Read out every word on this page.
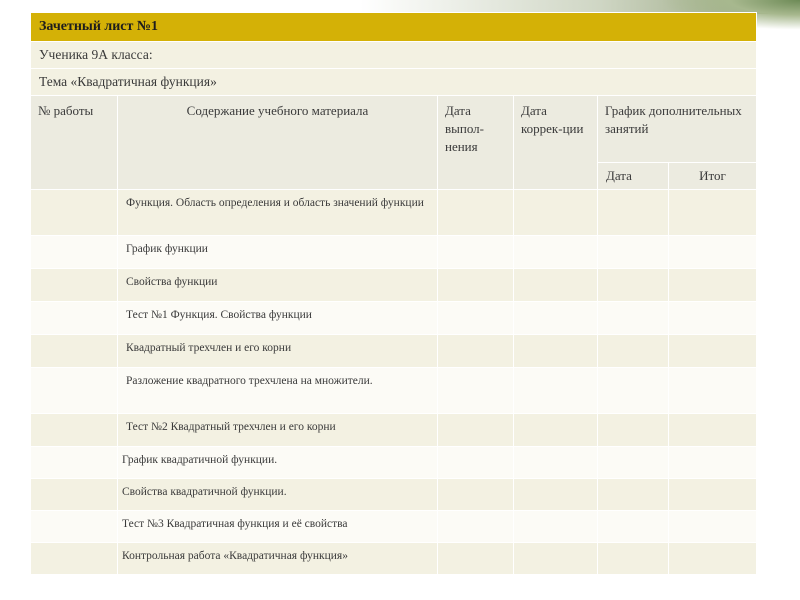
Зачетный лист №1					
Ученика 9А класса:					
Тема «Квадратичная функция»					
№ работы	Содержание учебного материала	Дата выпол-нения	Дата коррек-ции	График дополнительных занятий	
				Дата	Итог
	Функция. Область определения и область значений функции				
	График функции				
	Свойства функции				
	Тест №1 Функция. Свойства функции				
	Квадратный трехчлен и его корни				
	Разложение квадратного трехчлена на множители.				
	Тест №2 Квадратный трехчлен и его корни				
	График квадратичной функции.				
	Свойства квадратичной функции.				
	Тест №3 Квадратичная функция и её свойства				
	Контрольная работа «Квадратичная функция»				
